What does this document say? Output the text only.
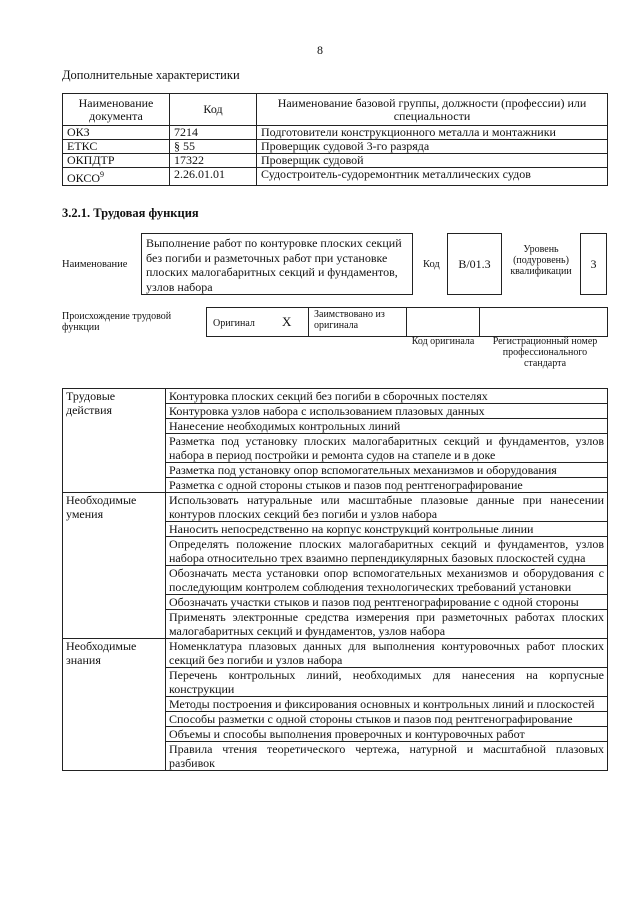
8
Дополнительные характеристики
Наименование документа	Код	Наименование базовой группы, должности (профессии) или специальности
ОКЗ	7214	Подготовители конструкционного металла и монтажники
ЕТКС	§ 55	Проверщик судовой 3-го разряда
ОКПДТР	17322	Проверщик судовой
ОКСО$^9$	2.26.01.01	Судостроитель-судоремонтник металлических судов
3.2.1. Трудовая функция
Наименование
Выполнение работ по контуровке плоских секций без погиби и разметочных работ при установке плоских малогабаритных секций и фундаментов, узлов набора
Код	B/01.3
Уровень (подуровень) квалификации
3
Происхождение трудовой функции	Оригинал X Заимствовано из оригинала
Код оригинала	Регистрационный номер профессионального стандарта
Трудовые действия	Контуровка плоских секций без погиби в сборочных постелях
	Контуровка узлов набора с использованием плазовых данных
	Нанесение необходимых контрольных линий
	Разметка под установку плоских малогабаритных секций и фундаментов, узлов набора в период постройки и ремонта судов на стапеле и в доке
	Разметка под установку опор вспомогательных механизмов и оборудования
	Разметка с одной стороны стыков и пазов под рентгенографирование
Необходимые умения	Использовать натуральные или масштабные плазовые данные при нанесении контуров плоских секций без погиби и узлов набора
	Наносить непосредственно на корпус конструкций контрольные линии
	Определять положение плоских малогабаритных секций и фундаментов, узлов набора относительно трех взаимно перпендикулярных базовых плоскостей судна
	Обозначать места установки опор вспомогательных механизмов и оборудования с последующим контролем соблюдения технологических требований установки
	Обозначать участки стыков и пазов под рентгенографирование с одной стороны
	Применять электронные средства измерения при разметочных работах плоских малогабаритных секций и фундаментов, узлов набора
Необходимые знания	Номенклатура плазовых данных для выполнения контуровочных работ плоских секций без погиби и узлов набора
	Перечень контрольных линий, необходимых для нанесения на корпусные конструкции
	Методы построения и фиксирования основных и контрольных линий и плоскостей
	Способы разметки с одной стороны стыков и пазов под рентгенографирование
	Объемы и способы выполнения проверочных и контуровочных работ
	Правила чтения теоретического чертежа, натурной и масштабной плазовых разбивок
